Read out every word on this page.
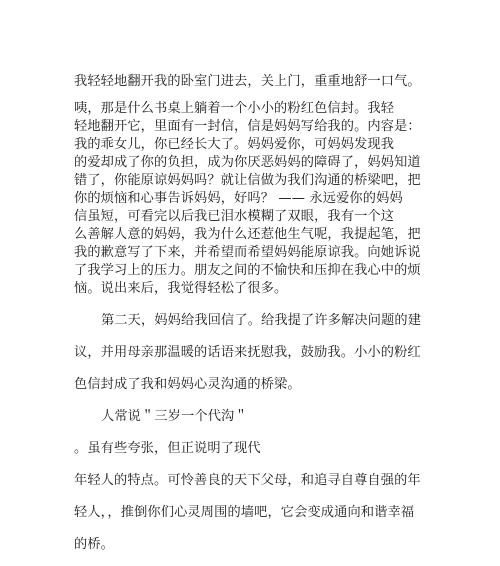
我轻轻地翻开我的卧室门进去，关上门，重重地舒一口气。
咦，那是什么书桌上躺着一个小小的粉红色信封。我轻
轻地翻开它，里面有一封信，信是妈妈写给我的。内容是：
我的乖女儿，你已经长大了。妈妈爱你，可妈妈发现我
的爱却成了你的负担，成为你厌恶妈妈的障碍了，妈妈知道
错了，你能原谅妈妈吗？就让信做为我们沟通的桥梁吧，把
你的烦恼和心事告诉妈妈，好吗？ —— 永远爱你的妈妈
信虽短，可看完以后我已泪水模糊了双眼，我有一个这
么善解人意的妈妈，我为什么还惹他生气呢，我提起笔，把
我的歉意写了下来，并希望而希望妈妈能原谅我。向她诉说
了我学习上的压力。朋友之间的不愉快和压抑在我心中的烦
恼。说出来后，我觉得轻松了很多。
第二天，妈妈给我回信了。给我提了许多解决问题的建
议，并用母亲那温暖的话语来抚慰我，鼓励我。小小的粉红
色信封成了我和妈妈心灵沟通的桥梁。
人常说＂三岁一个代沟＂
。虽有些夸张，但正说明了现代
年轻人的特点。可怜善良的天下父母，和追寻自尊自强的年
轻人，，推倒你们心灵周围的墙吧，它会变成通向和谐幸福
的桥。
